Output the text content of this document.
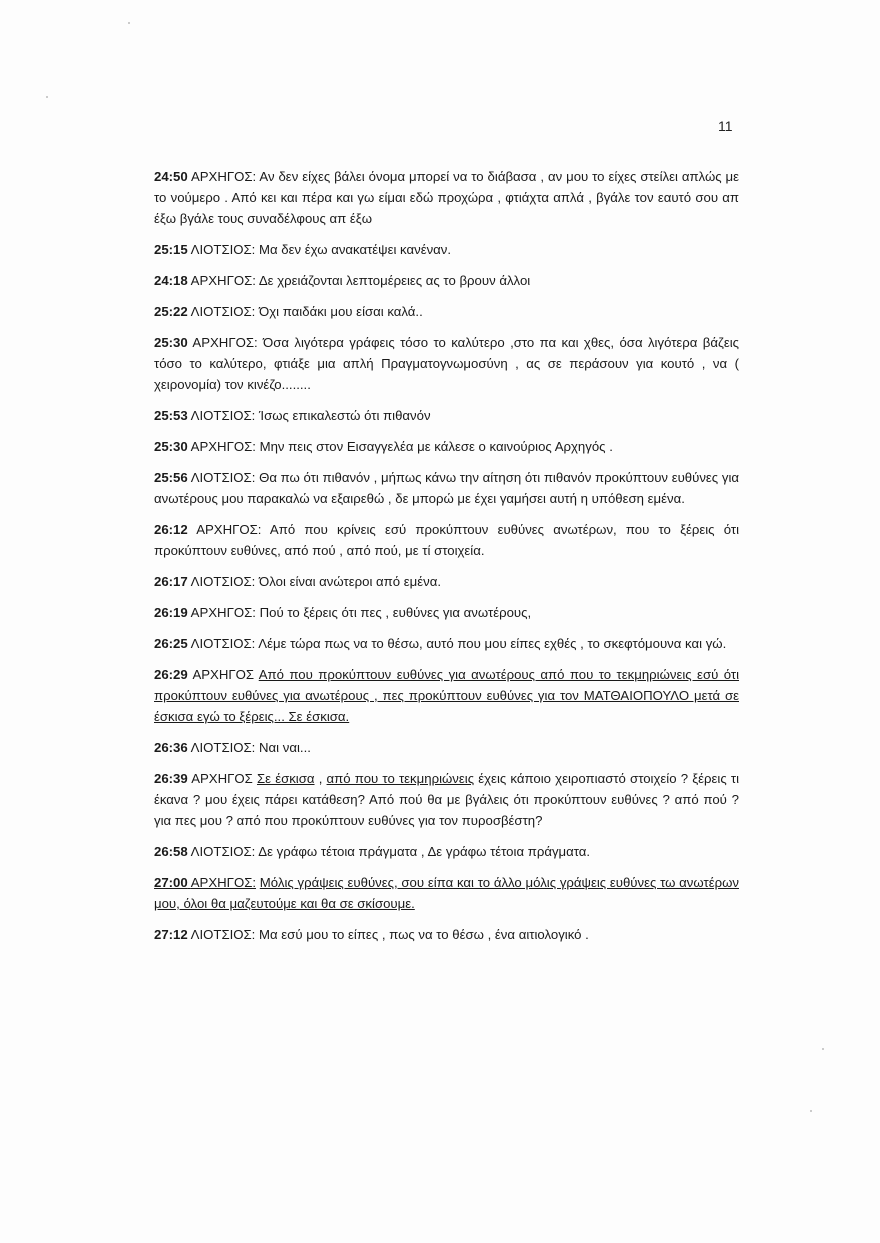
11

24:50 ΑΡΧΗΓΟΣ: Αν δεν είχες βάλει όνομα μπορεί να το διάβασα , αν μου το είχες στείλει απλώς με το νούμερο . Από κει και πέρα και γω είμαι εδώ προχώρα , φτιάχτα απλά , βγάλε τον εαυτό σου απ έξω βγάλε τους συναδέλφους απ έξω

25:15 ΛΙΟΤΣΙΟΣ: Μα δεν έχω ανακατέψει κανέναν.

24:18 ΑΡΧΗΓΟΣ: Δε χρειάζονται λεπτομέρειες ας το βρουν άλλοι

25:22 ΛΙΟΤΣΙΟΣ: Όχι παιδάκι μου είσαι καλά..

25:30 ΑΡΧΗΓΟΣ: Όσα λιγότερα γράφεις τόσο το καλύτερο ,στο πα και χθες, όσα λιγότερα βάζεις τόσο το καλύτερο, φτιάξε μια απλή Πραγματογνωμοσύνη , ας σε περάσουν για κουτό , να ( χειρονομία) τον κινέζο........

25:53 ΛΙΟΤΣΙΟΣ: Ίσως επικαλεστώ ότι πιθανόν

25:30 ΑΡΧΗΓΟΣ: Μην πεις στον Εισαγγελέα με κάλεσε ο καινούριος Αρχηγός .

25:56 ΛΙΟΤΣΙΟΣ: Θα πω ότι πιθανόν , μήπως κάνω την αίτηση ότι πιθανόν προκύπτουν ευθύνες για ανωτέρους μου παρακαλώ να εξαιρεθώ , δε μπορώ με έχει γαμήσει αυτή η υπόθεση εμένα.

26:12 ΑΡΧΗΓΟΣ: Από που κρίνεις εσύ προκύπτουν ευθύνες ανωτέρων, που το ξέρεις ότι προκύπτουν ευθύνες, από πού , από πού, με τί στοιχεία.

26:17 ΛΙΟΤΣΙΟΣ: Όλοι είναι ανώτεροι από εμένα.

26:19 ΑΡΧΗΓΟΣ: Πού το ξέρεις ότι πες , ευθύνες για ανωτέρους,

26:25 ΛΙΟΤΣΙΟΣ: Λέμε τώρα πως να το θέσω, αυτό που μου είπες εχθές , το σκεφτόμουνα και γώ.

26:29 ΑΡΧΗΓΟΣ Από που προκύπτουν ευθύνες για ανωτέρους από που το τεκμηριώνεις εσύ ότι προκύπτουν ευθύνες για ανωτέρους , πες προκύπτουν ευθύνες για τον ΜΑΤΘΑΙΟΠΟΥΛΟ μετά σε έσκισα εγώ το ξέρεις... Σε έσκισα.

26:36 ΛΙΟΤΣΙΟΣ: Ναι ναι...

26:39 ΑΡΧΗΓΟΣ Σε έσκισα , από που το τεκμηριώνεις έχεις κάποιο χειροπιαστό στοιχείο ? ξέρεις τι έκανα ? μου έχεις πάρει κατάθεση? Από πού θα με βγάλεις ότι προκύπτουν ευθύνες ? από πού ? για πες μου ? από που προκύπτουν ευθύνες για τον πυροσβέστη?

26:58 ΛΙΟΤΣΙΟΣ: Δε γράφω τέτοια πράγματα , Δε γράφω τέτοια πράγματα.

27:00 ΑΡΧΗΓΟΣ: Μόλις γράψεις ευθύνες, σου είπα και το άλλο μόλις γράψεις ευθύνες τω ανωτέρων μου, όλοι θα μαζευτούμε και θα σε σκίσουμε.

27:12 ΛΙΟΤΣΙΟΣ: Μα εσύ μου το είπες , πως να το θέσω , ένα αιτιολογικό .
